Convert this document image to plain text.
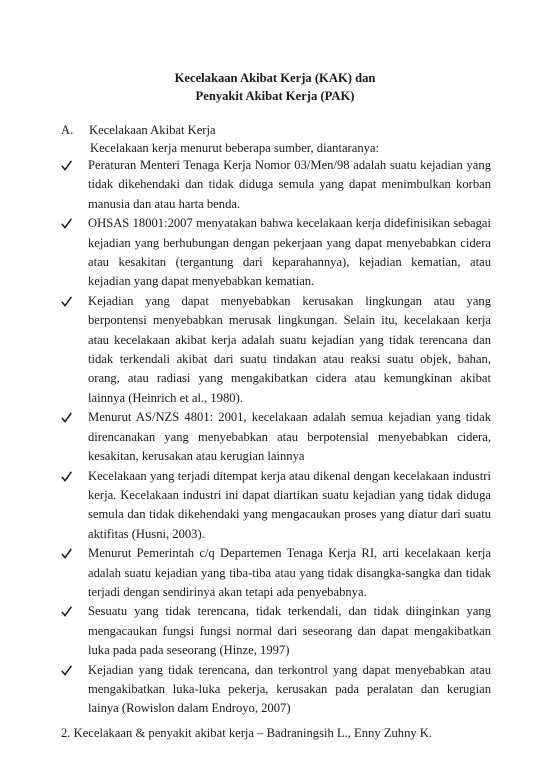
Kecelakaan Akibat Kerja (KAK) dan
Penyakit Akibat Kerja (PAK)
A. Kecelakaan Akibat Kerja
Kecelakaan kerja menurut beberapa sumber, diantaranya:
Peraturan Menteri Tenaga Kerja Nomor 03/Men/98 adalah suatu kejadian yang tidak dikehendaki dan tidak diduga semula yang dapat menimbulkan korban manusia dan atau harta benda.
OHSAS 18001:2007 menyatakan bahwa kecelakaan kerja didefinisikan sebagai kejadian yang berhubungan dengan pekerjaan yang dapat menyebabkan cidera atau kesakitan (tergantung dari keparahannya), kejadian kematian, atau kejadian yang dapat menyebabkan kematian.
Kejadian yang dapat menyebabkan kerusakan lingkungan atau yang berpontensi menyebabkan merusak lingkungan. Selain itu, kecelakaan kerja atau kecelakaan akibat kerja adalah suatu kejadian yang tidak terencana dan tidak terkendali akibat dari suatu tindakan atau reaksi suatu objek, bahan, orang, atau radiasi yang mengakibatkan cidera atau kemungkinan akibat lainnya (Heinrich et al., 1980).
Menurut AS/NZS 4801: 2001, kecelakaan adalah semua kejadian yang tidak direncanakan yang menyebabkan atau berpotensial menyebabkan cidera, kesakitan, kerusakan atau kerugian lainnya
Kecelakaan yang terjadi ditempat kerja atau dikenal dengan kecelakaan industri kerja. Kecelakaan industri ini dapat diartikan suatu kejadian yang tidak diduga semula dan tidak dikehendaki yang mengacaukan proses yang diatur dari suatu aktifitas (Husni, 2003).
Menurut Pemerintah c/q Departemen Tenaga Kerja RI, arti kecelakaan kerja adalah suatu kejadian yang tiba-tiba atau yang tidak disangka-sangka dan tidak terjadi dengan sendirinya akan tetapi ada penyebabnya.
Sesuatu yang tidak terencana, tidak terkendali, dan tidak diinginkan yang mengacaukan fungsi fungsi normal dari seseorang dan dapat mengakibatkan luka pada pada seseorang (Hinze, 1997)
Kejadian yang tidak terencana, dan terkontrol yang dapat menyebabkan atau mengakibatkan luka-luka pekerja, kerusakan pada peralatan dan kerugian lainya (Rowislon dalam Endroyo, 2007)
2. Kecelakaan & penyakit akibat kerja – Badraningsih L., Enny Zuhny K.
